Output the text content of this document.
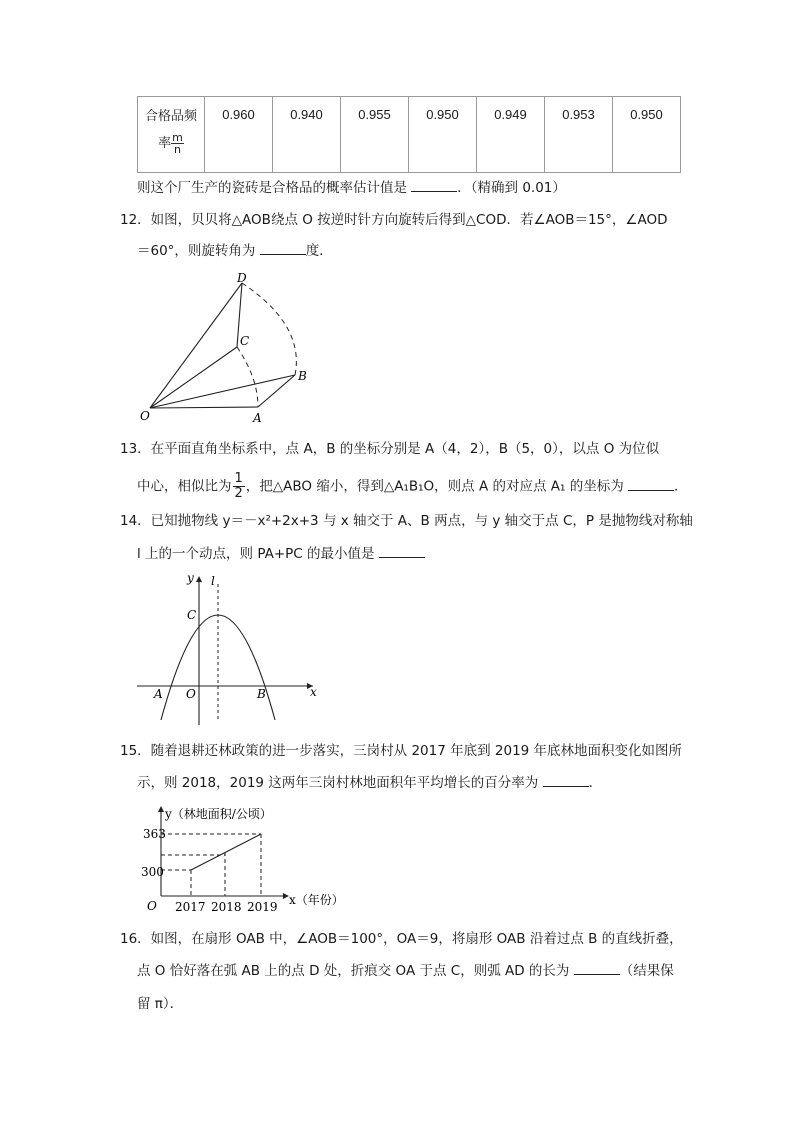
合格品频
率 $\frac{m}{n}$
	0.960	0.940	0.955	0.950	0.949	0.953	0.950
则这个厂生产的瓷砖是合格品的概率估计值是	．（精确到 0.01）
12．如图，贝贝将△AOB绕点 O 按逆时针方向旋转后得到△COD．若∠AOB＝15°，∠AOD
＝60°，则旋转角为	度．
D
C
B
O	A
13．在平面直角坐标系中，点 A，B 的坐标分别是 A（4，2），B（5，0），以点 O 为位似
中心，相似比为 $\frac{1}{2}$，把△ABO 缩小，得到△A₁B₁O，则点 A 的对应点 A₁ 的坐标为	．
14．已知抛物线 y＝－x²+2x+3 与 x 轴交于 A、B 两点，与 y 轴交于点 C，P 是抛物线对称轴
l 上的一个动点，则 PA+PC 的最小值是
y l
C
A O	B	x
15．随着退耕还林政策的进一步落实，三岗村从 2017 年底到 2019 年底林地面积变化如图所
示，则 2018，2019 这两年三岗村林地面积年平均增长的百分率为	．
y（林地面积/公顷）
x（年份）
363
300
O 2017 2018 2019
16．如图，在扇形 OAB 中，∠AOB＝100°，OA＝9，将扇形 OAB 沿着过点 B 的直线折叠，
点 O 恰好落在弧 AB 上的点 D 处，折痕交 OA 于点 C，则弧 AD 的长为	（结果保
留 π）．
